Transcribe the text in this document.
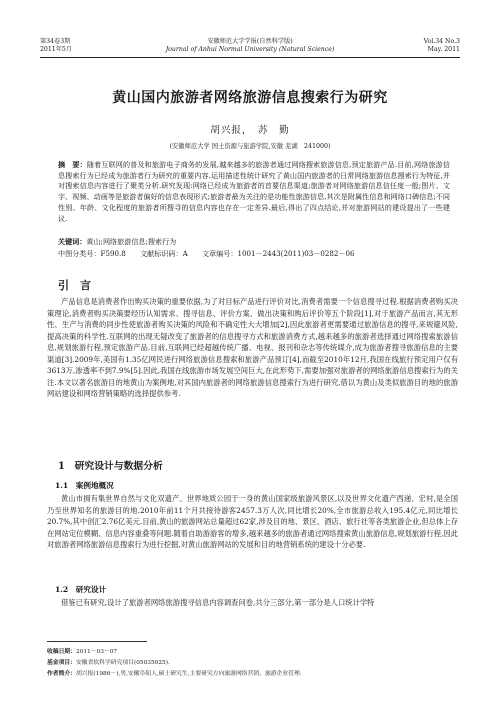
第34卷3期
2011年5月
安徽师范大学学报(自然科学版)
Journal of Anhui Normal University (Natural Science)
Vol.34 No.3
May. 2011
黄山国内旅游者网络旅游信息搜索行为研究
胡兴报，　苏　勤
(安徽师范大学 国土资源与旅游学院,安徽 芜湖　241000)
摘　要：随着互联网的普及和旅游电子商务的发展,越来越多的旅游者通过网络搜索旅游信息,预定旅游产品.目前,网络旅游信息搜索行为已经成为旅游者行为研究的重要内容.运用描述性统计研究了黄山国内旅游者的日常网络旅游信息搜索行为特征,并对搜索信息内容进行了聚类分析.研究发现:网络已经成为旅游者的首要信息渠道;旅游者对网络旅游信息信任度一般;图片、文字、视频、动画等是旅游者偏好的信息表现形式;旅游者最为关注的是功能性旅游信息,其次是附属性信息和网络口碑信息;不同性别、年龄、文化程度的旅游者所搜寻的信息内容也存在一定差异.最后,得出了四点结论,并对旅游网站的建设提出了一些建议.
关键词：黄山;网络旅游信息;搜索行为
中图分类号：F590.8 文献标识码：A 文章编号：1001－2443(2011)03－0282－06
引　言
产品信息是消费者作出购买决策的重要依据,为了对目标产品进行评价对比,消费者需要一个信息搜寻过程.根据消费者购买决策理论,消费者购买决策要经历认知需求、搜寻信息、评价方案、做出决策和购后评价等五个阶段[1],对于旅游产品而言,其无形性、生产与消费的同步性使旅游者购买决策的风险和不确定性大大增加[2],因此旅游者更需要通过旅游信息的搜寻,来规避风险,提高决策的科学性.互联网的出现无疑改变了旅游者的信息搜寻方式和旅游消费方式,越来越多的旅游者选择通过网络搜索旅游信息,规划旅游行程,预定旅游产品.目前,互联网已经超越传统广播、电视、报刊和杂志等传统媒介,成为旅游者搜寻旅游信息的主要渠道[3].2009年,美国有1.35亿网民进行网络旅游信息搜索和旅游产品预订[4],而截至2010年12月,我国在线旅行预定用户仅有3613万,渗透率不到7.9%[5].因此,我国在线旅游市场发展空间巨大,在此形势下,需要加强对旅游者的网络旅游信息搜索行为的关注.本文以著名旅游目的地黄山为案例地,对其国内旅游者的网络旅游信息搜索行为进行研究,借以为黄山及类似旅游目的地的旅游网站建设和网络营销策略的选择提供参考.
1　研究设计与数据分析
1.1　案例地概况
黄山市拥有集世界自然与文化双遗产、世界地质公园于一身的黄山国家级旅游风景区,以及世界文化遗产西递、宏村,是全国乃至世界知名的旅游目的地.2010年前11个月共接待游客2457.3万人次,同比增长20%,全市旅游总收入195.4亿元,同比增长20.7%,其中创汇2.76亿美元.目前,黄山的旅游网站总量超过62家,涉及目的地、景区、酒店、旅行社等各类旅游企业,但总体上存在网站定位模糊、信息内容重叠等问题.随着自助游游客的增多,越来越多的旅游者通过网络搜索黄山旅游信息,规划旅游行程,因此对旅游者网络旅游信息搜索行为进行挖掘,对黄山旅游网站的发展和目的地营销系统的建设十分必要.
1.2　研究设计
借鉴已有研究,设计了旅游者网络旅游搜寻信息内容调查问卷,共分三部分,第一部分是人口统计学特
收稿日期：2011－03－07
基金项目：安徽省软科学研究项目(05035025).
作者简介：胡兴报(1986－),男,安徽阜阳人,硕士研究生,主要研究方向旅游网络营销、旅游企业管理.
